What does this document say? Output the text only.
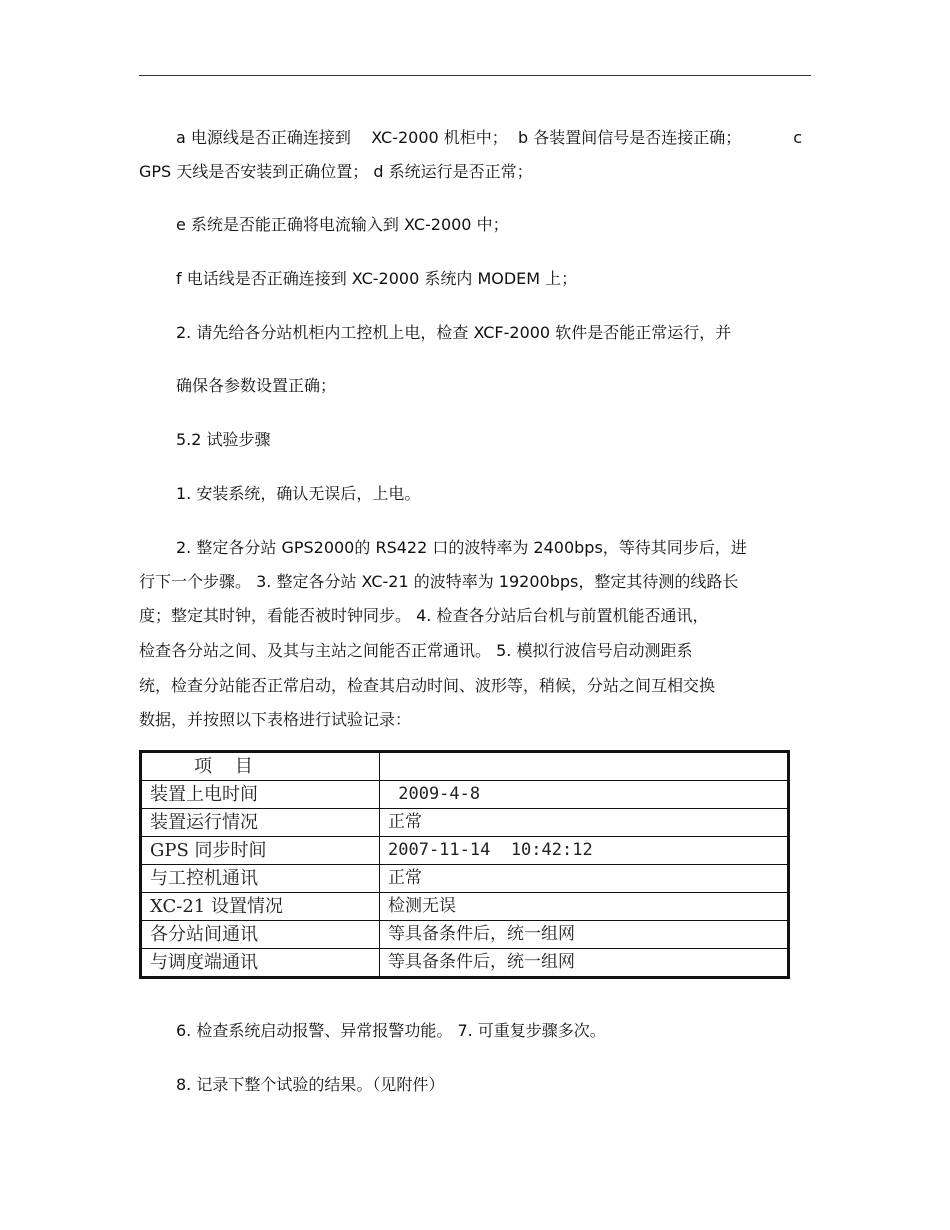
a 电源线是否正确连接到    XC-2000 机柜中；  b 各装置间信号是否连接正确；	c
GPS 天线是否安装到正确位置； d 系统运行是否正常；
e 系统是否能正确将电流输入到 XC-2000 中；
f 电话线是否正确连接到 XC-2000 系统内 MODEM 上；
2. 请先给各分站机柜内工控机上电，检查 XCF-2000 软件是否能正常运行，并
确保各参数设置正确；
5.2 试验步骤
1. 安装系统，确认无误后，上电。
2. 整定各分站 GPS2000的 RS422 口的波特率为 2400bps，等待其同步后，进
行下一个步骤。 3. 整定各分站 XC-21 的波特率为 19200bps，整定其待测的线路长
度；整定其时钟，看能否被时钟同步。 4. 检查各分站后台机与前置机能否通讯，
检查各分站之间、及其与主站之间能否正常通讯。 5. 模拟行波信号启动测距系
统，检查分站能否正常启动，检查其启动时间、波形等，稍候，分站之间互相交换
数据，并按照以下表格进行试验记录：
项    目	
装置上电时间	2009-4-8
装置运行情况	正常
GPS 同步时间	2007-11-14  10:42:12
与工控机通讯	正常
XC-21 设置情况	检测无误
各分站间通讯	等具备条件后，统一组网
与调度端通讯	等具备条件后，统一组网
6. 检查系统启动报警、异常报警功能。 7. 可重复步骤多次。
8. 记录下整个试验的结果。（见附件）
